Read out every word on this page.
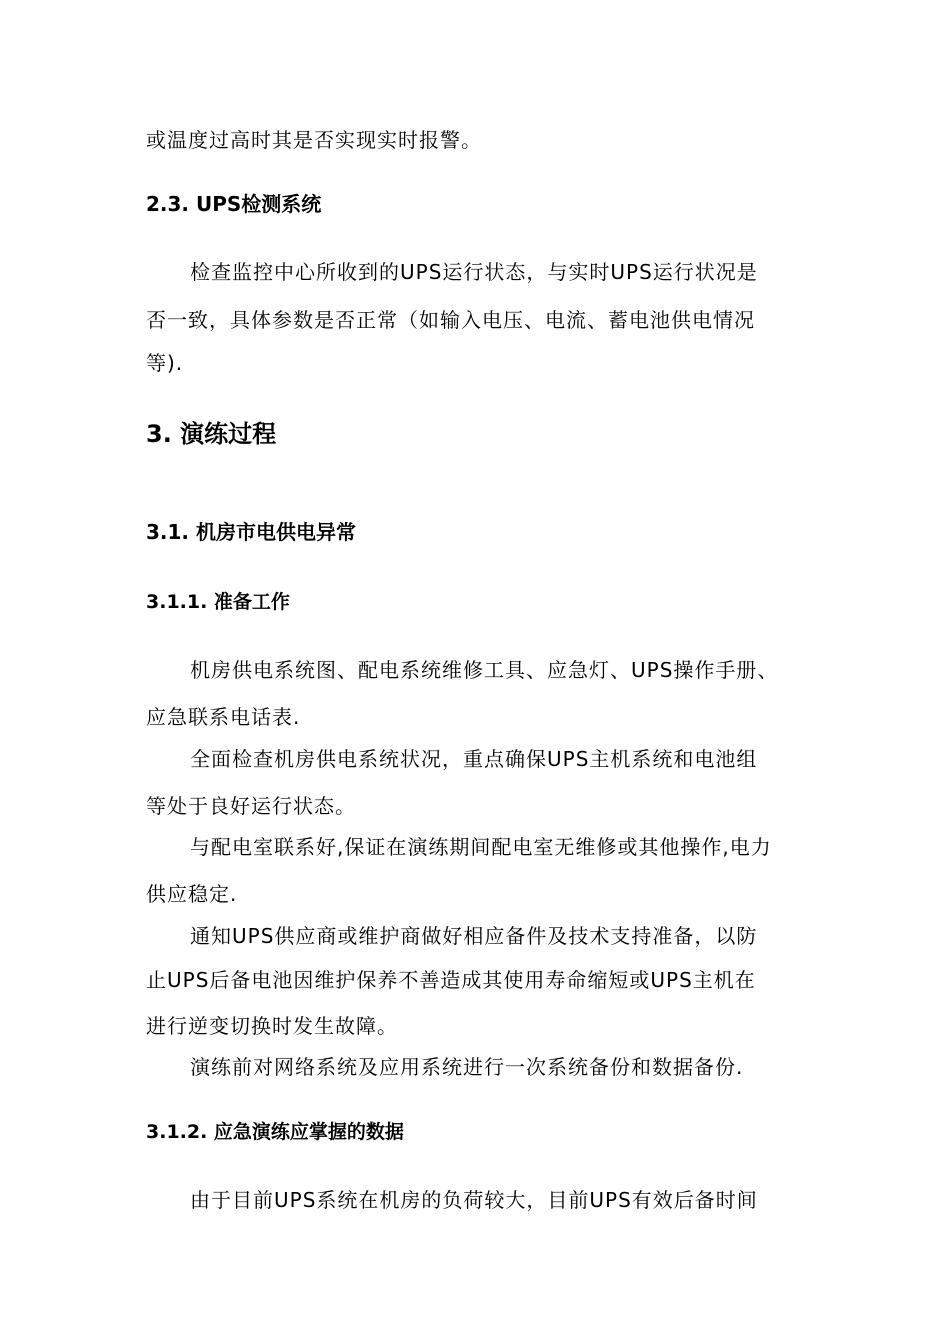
或温度过高时其是否实现实时报警。
2.3. UPS检测系统
检查监控中心所收到的UPS运行状态，与实时UPS运行状况是
否一致，具体参数是否正常（如输入电压、电流、蓄电池供电情况
等).
3. 演练过程
3.1. 机房市电供电异常
3.1.1. 准备工作
机房供电系统图、配电系统维修工具、应急灯、UPS操作手册、
应急联系电话表.
全面检查机房供电系统状况，重点确保UPS主机系统和电池组
等处于良好运行状态。
与配电室联系好,保证在演练期间配电室无维修或其他操作,电力
供应稳定.
通知UPS供应商或维护商做好相应备件及技术支持准备，以防
止UPS后备电池因维护保养不善造成其使用寿命缩短或UPS主机在
进行逆变切换时发生故障。
演练前对网络系统及应用系统进行一次系统备份和数据备份.
3.1.2. 应急演练应掌握的数据
由于目前UPS系统在机房的负荷较大，目前UPS有效后备时间
